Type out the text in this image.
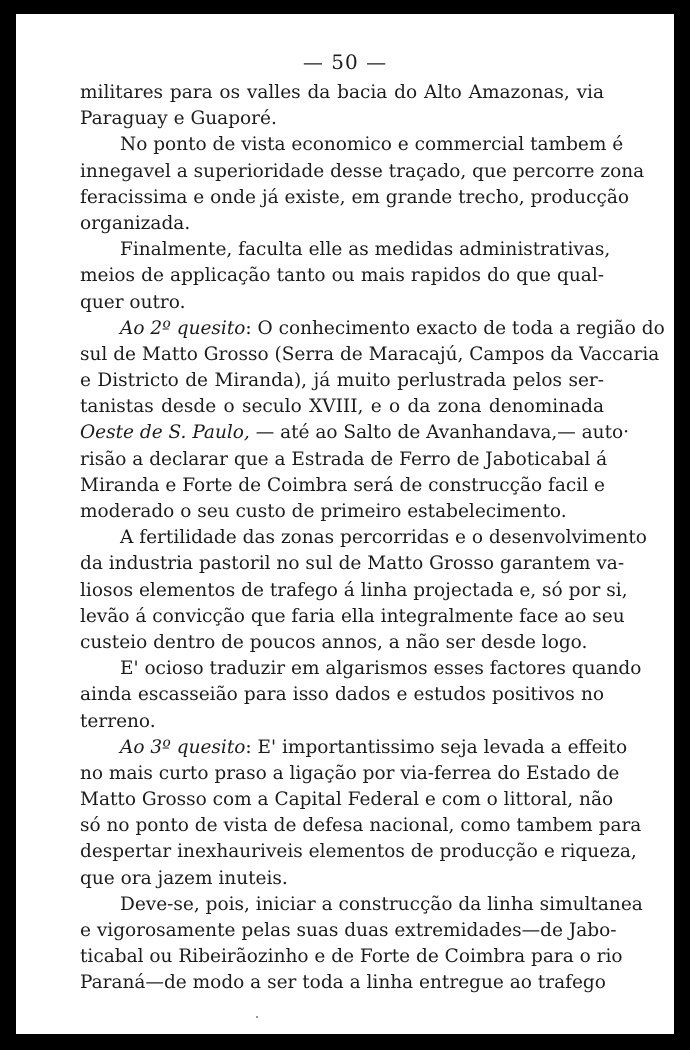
— 50 —
militares para os valles da bacia do Alto Amazonas, via
Paraguay e Guaporé.
No ponto de vista economico e commercial tambem é
innegavel a superioridade desse traçado, que percorre zona
feracissima e onde já existe, em grande trecho, producção
organizada.
Finalmente, faculta elle as medidas administrativas,
meios de applicação tanto ou mais rapidos do que qual-
quer outro.
Ao 2º quesito: O conhecimento exacto de toda a região do
sul de Matto Grosso (Serra de Maracajú, Campos da Vaccaria
e Districto de Miranda), já muito perlustrada pelos ser-
tanistas desde o seculo XVIII, e o da zona denominada
Oeste de S. Paulo, — até ao Salto de Avanhandava,— auto·
risão a declarar que a Estrada de Ferro de Jaboticabal á
Miranda e Forte de Coimbra será de construcção facil e
moderado o seu custo de primeiro estabelecimento.
A fertilidade das zonas percorridas e o desenvolvimento
da industria pastoril no sul de Matto Grosso garantem va-
liosos elementos de trafego á linha projectada e, só por si,
levão á convicção que faria ella integralmente face ao seu
custeio dentro de poucos annos, a não ser desde logo.
E' ocioso traduzir em algarismos esses factores quando
ainda escasseião para isso dados e estudos positivos no
terreno.
Ao 3º quesito: E' importantissimo seja levada a effeito
no mais curto praso a ligação por via-ferrea do Estado de
Matto Grosso com a Capital Federal e com o littoral, não
só no ponto de vista de defesa nacional, como tambem para
despertar inexhauriveis elementos de producção e riqueza,
que ora jazem inuteis.
Deve-se, pois, iniciar a construcção da linha simultanea
e vigorosamente pelas suas duas extremidades—de Jabo-
ticabal ou Ribeirãozinho e de Forte de Coimbra para o rio
Paraná—de modo a ser toda a linha entregue ao trafego
